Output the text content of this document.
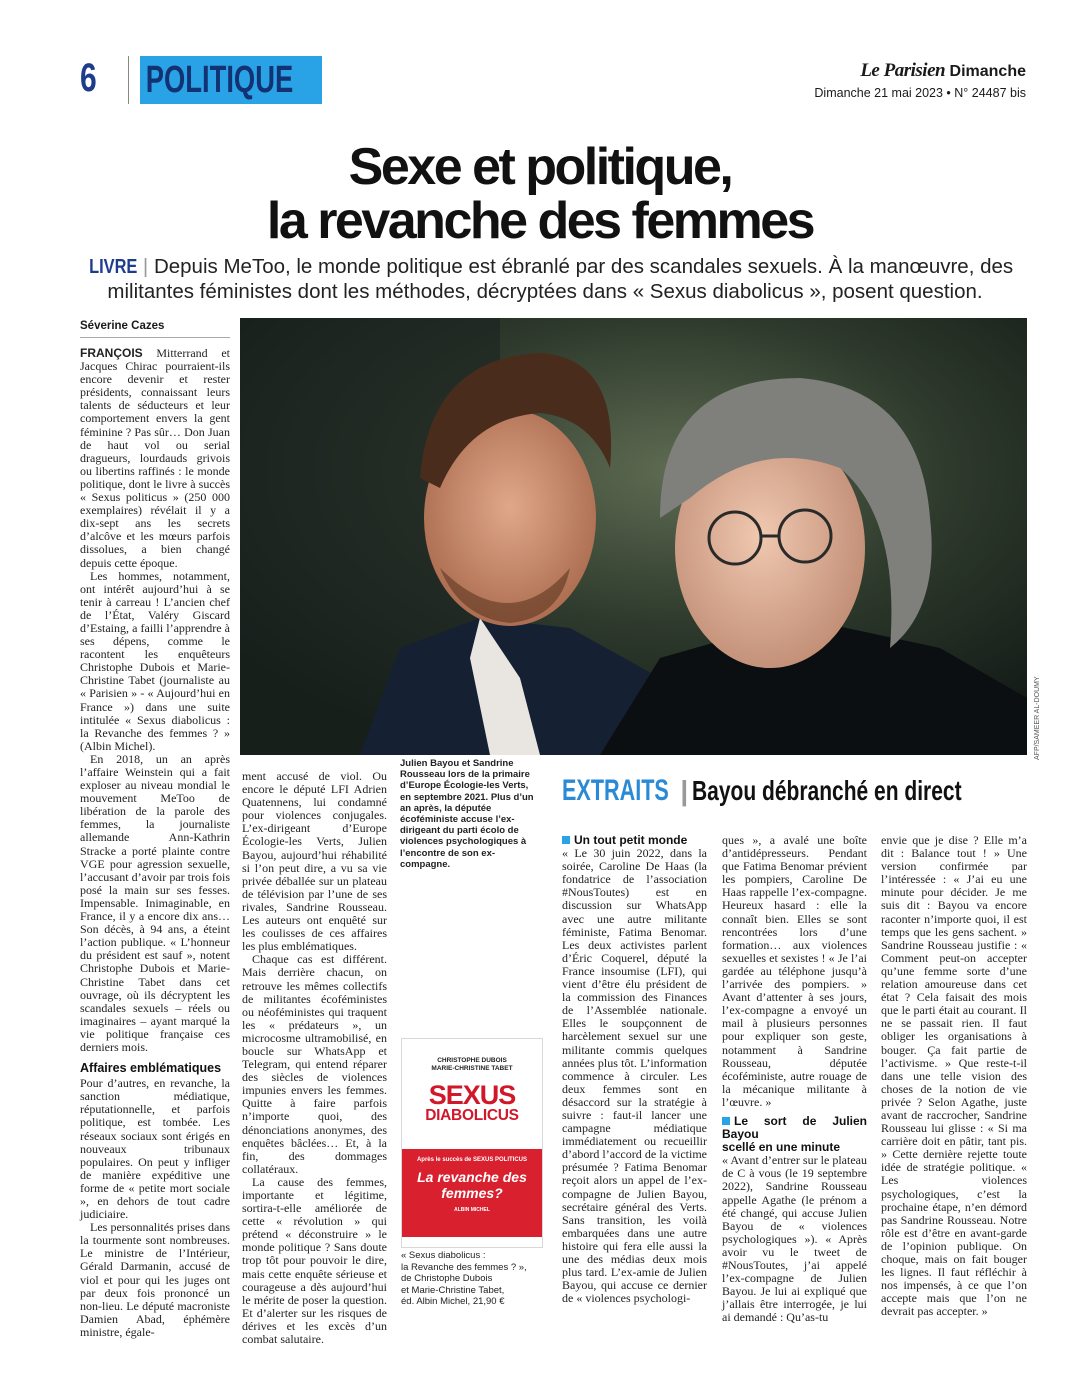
6 POLITIQUE	Le Parisien Dimanche
Dimanche 21 mai 2023 • N° 24487 bis
Sexe et politique,
la revanche des femmes
LIVRE | Depuis MeToo, le monde politique est ébranlé par des scandales sexuels. À la manœuvre, des militantes féministes dont les méthodes, décryptées dans « Sexus diabolicus », posent question.
Séverine Cazes

FRANÇOIS Mitterrand et Jacques Chirac pourraient-ils encore devenir et rester présidents, connaissant leurs talents de séducteurs et leur comportement envers la gent féminine ? Pas sûr… Don Juan de haut vol ou serial dragueurs, lourdauds grivois ou libertins raffinés : le monde politique, dont le livre à succès « Sexus politicus » (250 000 exemplaires) révélait il y a dix-sept ans les secrets d’alcôve et les mœurs parfois dissolues, a bien changé depuis cette époque.

Les hommes, notamment, ont intérêt aujourd’hui à se tenir à carreau ! L’ancien chef de l’État, Valéry Giscard d’Estaing, a failli l’apprendre à ses dépens, comme le racontent les enquêteurs Christophe Dubois et Marie-Christine Tabet (journaliste au « Parisien » - « Aujourd’hui en France ») dans une suite intitulée « Sexus diabolicus : la Revanche des femmes ? » (Albin Michel).

En 2018, un an après l’affaire Weinstein qui a fait exploser au niveau mondial le mouvement MeToo de libération de la parole des femmes, la journaliste allemande Ann-Kathrin Stracke a porté plainte contre VGE pour agression sexuelle, l’accusant d’avoir par trois fois posé la main sur ses fesses. Impensable. Inimaginable, en France, il y a encore dix ans… Son décès, à 94 ans, a éteint l’action publique. « L’honneur du président est sauf », notent Christophe Dubois et Marie-Christine Tabet dans cet ouvrage, où ils décryptent les scandales sexuels – réels ou imaginaires – ayant marqué la vie politique française ces derniers mois.

Affaires emblématiques

Pour d’autres, en revanche, la sanction médiatique, réputationnelle, et parfois politique, est tombée. Les réseaux sociaux sont érigés en nouveaux tribunaux populaires. On peut y infliger de manière expéditive une forme de « petite mort sociale », en dehors de tout cadre judiciaire.

Les personnalités prises dans la tourmente sont nombreuses. Le ministre de l’Intérieur, Gérald Darmanin, accusé de viol et pour qui les juges ont par deux fois prononcé un non-lieu. Le député macroniste Damien Abad, éphémère ministre, égale-

AFP/SAMEER AL-DOUMY

ment accusé de viol. Ou encore le député LFI Adrien Quatennens, lui condamné pour violences conjugales. L’ex-dirigeant d’Europe Écologie-les Verts, Julien Bayou, aujourd’hui réhabilité si l’on peut dire, a vu sa vie privée déballée sur un plateau de télévision par l’une de ses rivales, Sandrine Rousseau. Les auteurs ont enquêté sur les coulisses de ces affaires les plus emblématiques.

Chaque cas est différent. Mais derrière chacun, on retrouve les mêmes collectifs de militantes écoféministes ou néoféministes qui traquent les « prédateurs », un microcosme ultramobilisé, en boucle sur WhatsApp et Telegram, qui entend réparer des siècles de violences impunies envers les femmes. Quitte à faire parfois n’importe quoi, des dénonciations anonymes, des enquêtes bâclées… Et, à la fin, des dommages collatéraux.

La cause des femmes, importante et légitime, sortira-t-elle améliorée de cette « révolution » qui prétend « déconstruire » le monde politique ? Sans doute trop tôt pour pouvoir le dire, mais cette enquête sérieuse et courageuse a dès aujourd’hui le mérite de poser la question. Et d’alerter sur les risques de dérives et les excès d’un combat salutaire.

Julien Bayou et Sandrine Rousseau lors de la primaire d’Europe Écologie-les Verts, en septembre 2021. Plus d’un an après, la députée écoféministe accuse l’ex-dirigeant du parti écolo de violences psychologiques à l’encontre de son ex-compagne.
CHRISTOPHE DUBOIS
MARIE-CHRISTINE TABET
SEXUS
DIABOLICUS
Après le succès de SEXUS POLITICUS
La revanche des femmes?
ALBIN MICHEL
« Sexus diabolicus :
la Revanche des femmes ? »,
de Christophe Dubois
et Marie-Christine Tabet,
éd. Albin Michel, 21,90 €
EXTRAITS | Bayou débranché en direct
Un tout petit monde

« Le 30 juin 2022, dans la soirée, Caroline De Haas (la fondatrice de l’association #NousToutes) est en discussion sur WhatsApp avec une autre militante féministe, Fatima Benomar. Les deux activistes parlent d’Éric Coquerel, député la France insoumise (LFI), qui vient d’être élu président de la commission des Finances de l’Assemblée nationale. Elles le soupçonnent de harcèlement sexuel sur une militante commis quelques années plus tôt. L’information commence à circuler. Les deux femmes sont en désaccord sur la stratégie à suivre : faut-il lancer une campagne médiatique immédiatement ou recueillir d’abord l’accord de la victime présumée ? Fatima Benomar reçoit alors un appel de l’ex-compagne de Julien Bayou, secrétaire général des Verts. Sans transition, les voilà embarquées dans une autre histoire qui fera elle aussi la une des médias deux mois plus tard. L’ex-amie de Julien Bayou, qui accuse ce dernier de « violences psychologi-

ques », a avalé une boîte d’antidépresseurs. Pendant que Fatima Benomar prévient les pompiers, Caroline De Haas rappelle l’ex-compagne. Heureux hasard : elle la connaît bien. Elles se sont rencontrées lors d’une formation… aux violences sexuelles et sexistes ! « Je l’ai gardée au téléphone jusqu’à l’arrivée des pompiers. » Avant d’attenter à ses jours, l’ex-compagne a envoyé un mail à plusieurs personnes pour expliquer son geste, notamment à Sandrine Rousseau, députée écoféministe, autre rouage de la mécanique militante à l’œuvre. »

Le sort de Julien Bayou
scellé en une minute

« Avant d’entrer sur le plateau de C à vous (le 19 septembre 2022), Sandrine Rousseau appelle Agathe (le prénom a été changé, qui accuse Julien Bayou de « violences psychologiques »). « Après avoir vu le tweet de #NousToutes, j’ai appelé l’ex-compagne de Julien Bayou. Je lui ai expliqué que j’allais être interrogée, je lui ai demandé : Qu’as-tu

envie que je dise ? Elle m’a dit : Balance tout ! » Une version confirmée par l’intéressée : « J’ai eu une minute pour décider. Je me suis dit : Bayou va encore raconter n’importe quoi, il est temps que les gens sachent. » Sandrine Rousseau justifie : « Comment peut-on accepter qu’une femme sorte d’une relation amoureuse dans cet état ? Cela faisait des mois que le parti était au courant. Il ne se passait rien. Il faut obliger les organisations à bouger. Ça fait partie de l’activisme. » Que reste-t-il dans une telle vision des choses de la notion de vie privée ? Selon Agathe, juste avant de raccrocher, Sandrine Rousseau lui glisse : « Si ma carrière doit en pâtir, tant pis. » Cette dernière rejette toute idée de stratégie politique. « Les violences psychologiques, c’est la prochaine étape, n’en démord pas Sandrine Rousseau. Notre rôle est d’être en avant-garde de l’opinion publique. On choque, mais on fait bouger les lignes. Il faut réfléchir à nos impensés, à ce que l’on accepte mais que l’on ne devrait pas accepter. »
